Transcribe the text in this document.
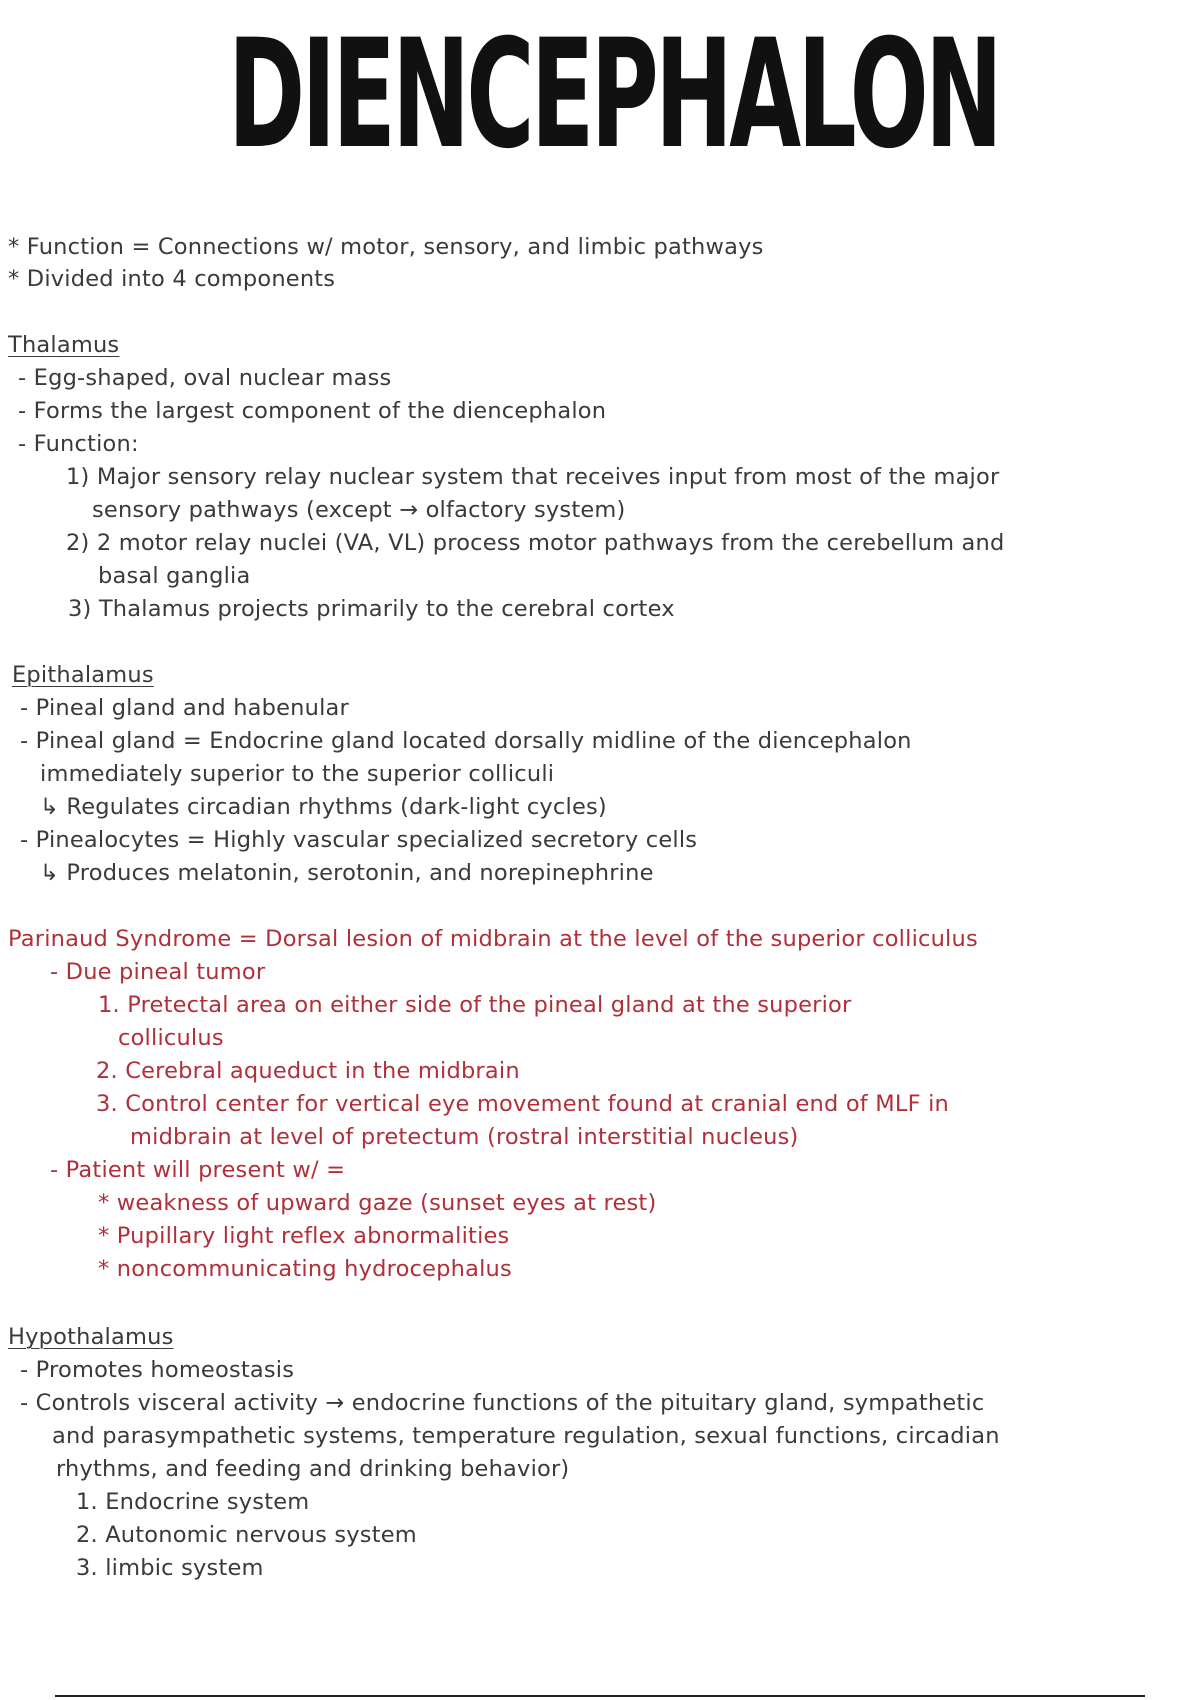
DIENCEPHALON
* Function = Connections w/ motor, sensory, and limbic pathways
* Divided into 4 components
Thalamus
- Egg-shaped, oval nuclear mass
- Forms the largest component of the diencephalon
- Function:
1) Major sensory relay nuclear system that receives input from most of the major
sensory pathways (except → olfactory system)
2) 2 motor relay nuclei (VA, VL) process motor pathways from the cerebellum and
basal ganglia
3) Thalamus projects primarily to the cerebral cortex
Epithalamus
- Pineal gland and habenular
- Pineal gland = Endocrine gland located dorsally midline of the diencephalon
immediately superior to the superior colliculi
↳ Regulates circadian rhythms (dark-light cycles)
- Pinealocytes = Highly vascular specialized secretory cells
↳ Produces melatonin, serotonin, and norepinephrine
Parinaud Syndrome = Dorsal lesion of midbrain at the level of the superior colliculus
- Due pineal tumor
1. Pretectal area on either side of the pineal gland at the superior
colliculus
2. Cerebral aqueduct in the midbrain
3. Control center for vertical eye movement found at cranial end of MLF in
midbrain at level of pretectum (rostral interstitial nucleus)
- Patient will present w/ =
* weakness of upward gaze (sunset eyes at rest)
* Pupillary light reflex abnormalities
* noncommunicating hydrocephalus
Hypothalamus
- Promotes homeostasis
- Controls visceral activity → endocrine functions of the pituitary gland, sympathetic
and parasympathetic systems, temperature regulation, sexual functions, circadian
rhythms, and feeding and drinking behavior)
1. Endocrine system
2. Autonomic nervous system
3. limbic system
